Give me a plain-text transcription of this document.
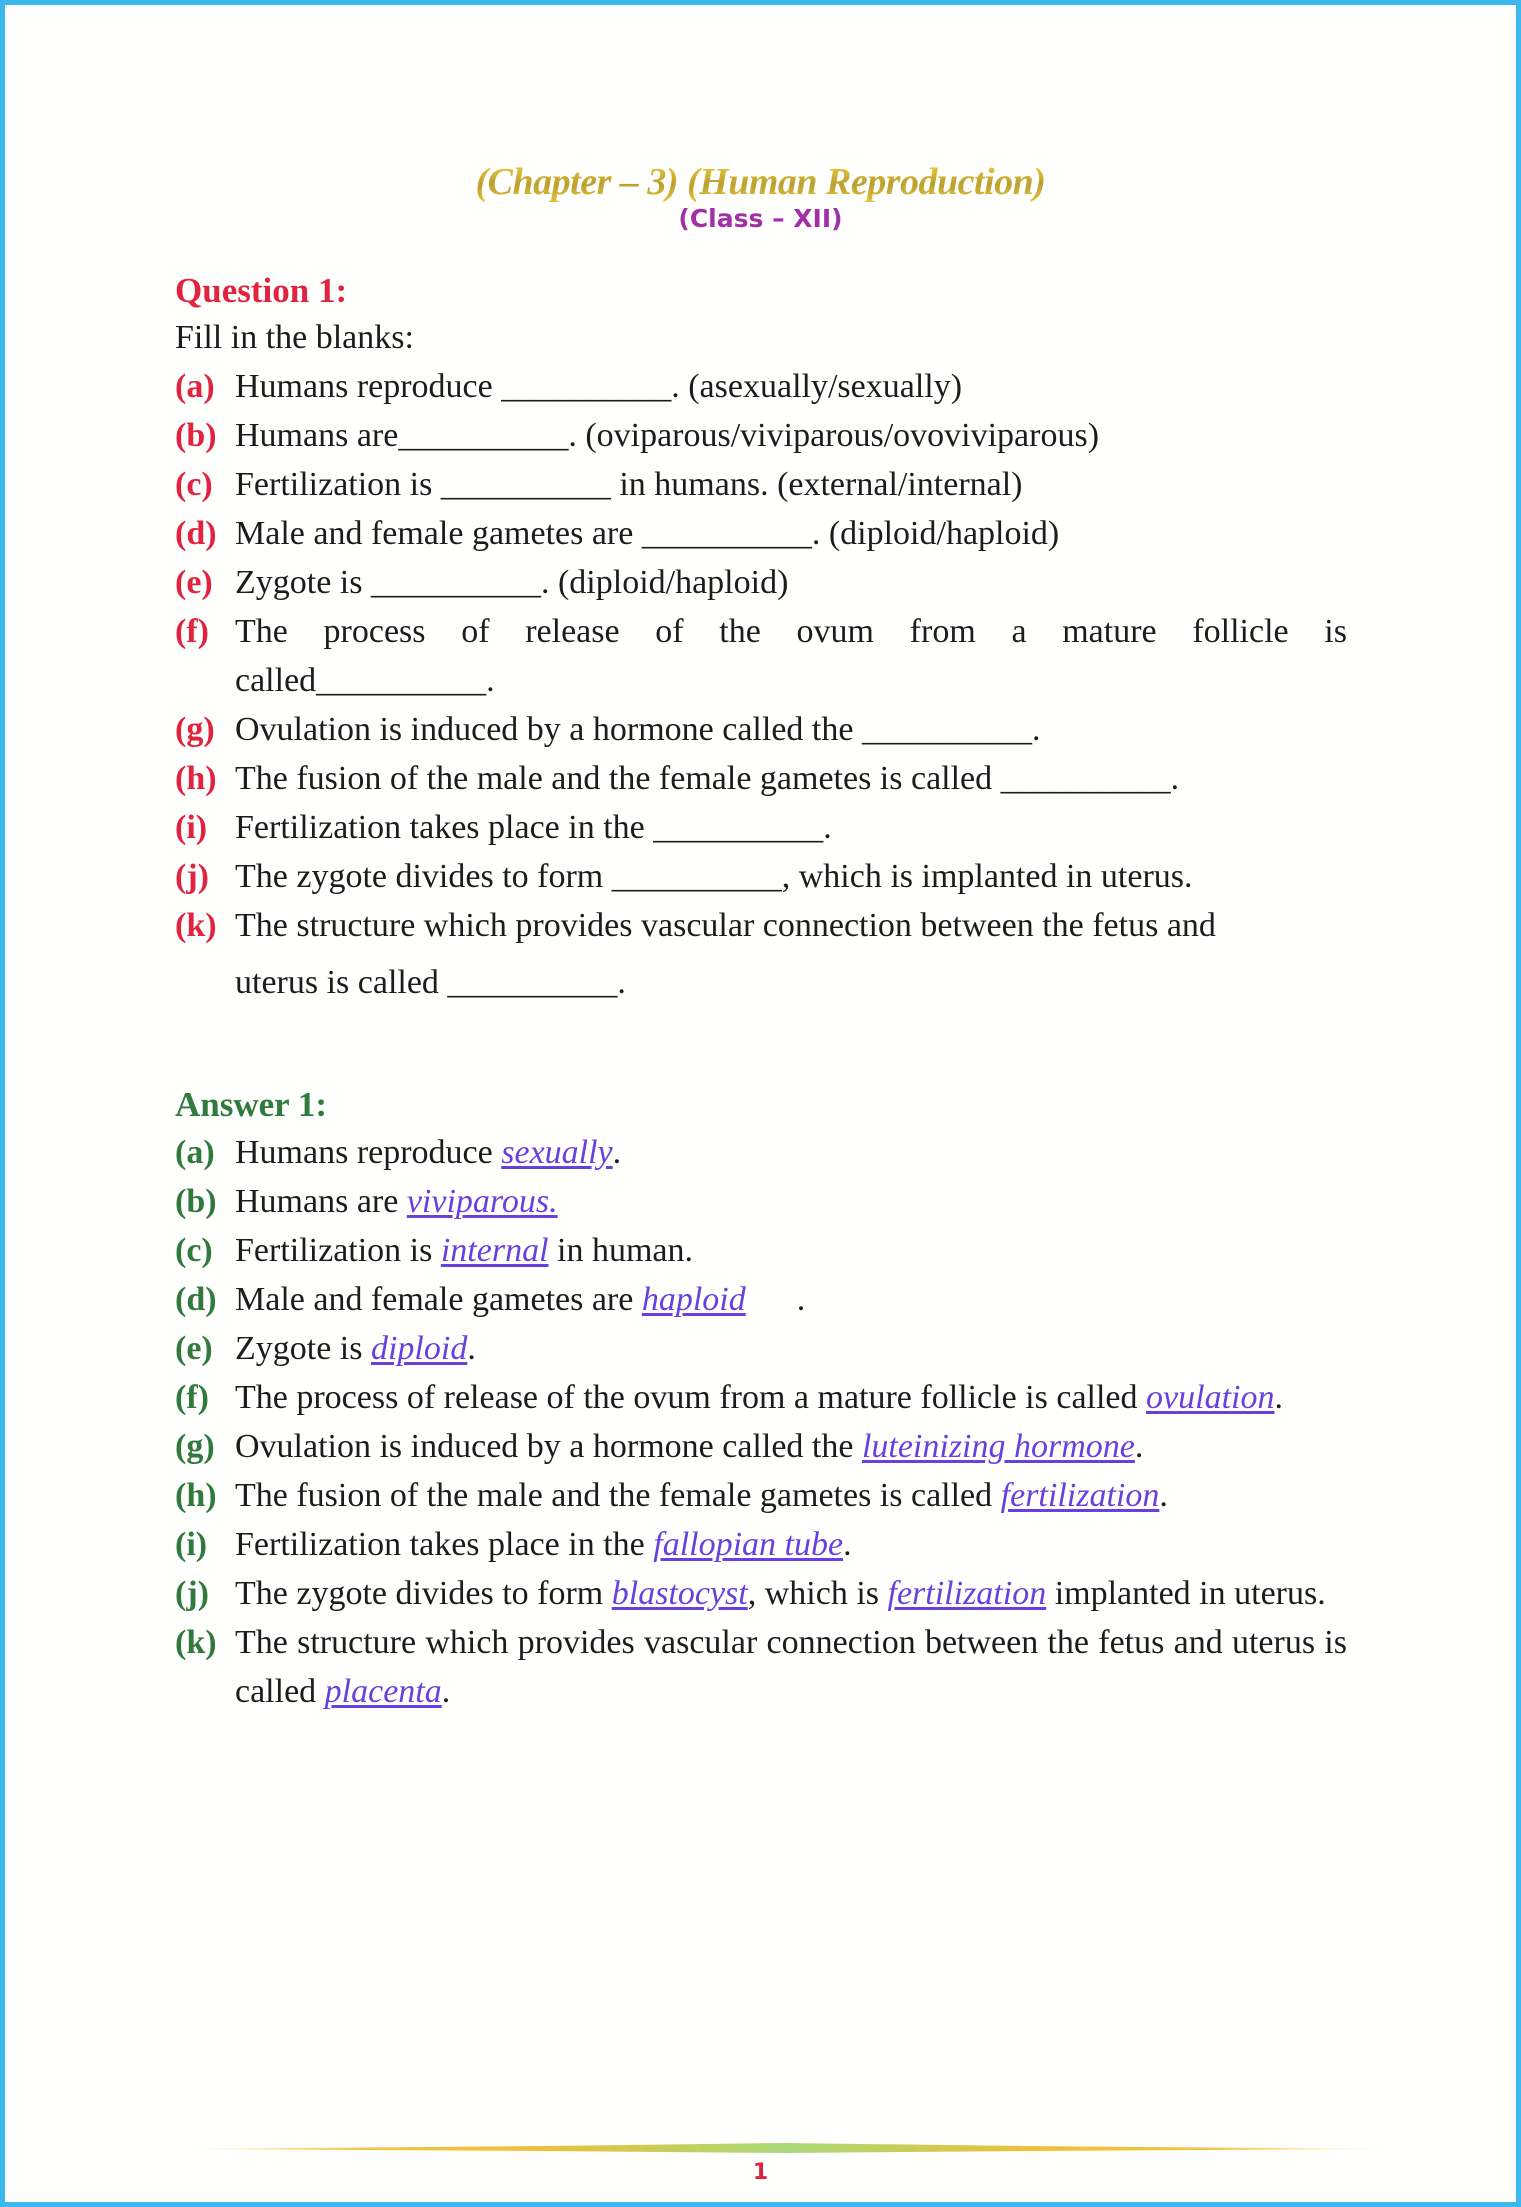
(Chapter – 3) (Human Reproduction)
(Class – XII)
Question 1:
Fill in the blanks:
(a) Humans reproduce __________. (asexually/sexually)
(b) Humans are__________. (oviparous/viviparous/ovoviviparous)
(c) Fertilization is __________ in humans. (external/internal)
(d) Male and female gametes are __________. (diploid/haploid)
(e) Zygote is __________. (diploid/haploid)
(f) The process of release of the ovum from a mature follicle is
called__________.
(g) Ovulation is induced by a hormone called the __________.
(h) The fusion of the male and the female gametes is called __________.
(i) Fertilization takes place in the __________.
(j) The zygote divides to form __________, which is implanted in uterus.
(k) The structure which provides vascular connection between the fetus and
uterus is called __________.
Answer 1:
(a) Humans reproduce sexually.
(b) Humans are viviparous.
(c) Fertilization is internal in human.
(d) Male and female gametes are haploid      .
(e) Zygote is diploid.
(f) The process of release of the ovum from a mature follicle is called ovulation.
(g) Ovulation is induced by a hormone called the luteinizing hormone.
(h) The fusion of the male and the female gametes is called fertilization.
(i) Fertilization takes place in the fallopian tube.
(j) The zygote divides to form blastocyst, which is fertilization implanted in uterus.
(k) The structure which provides vascular connection between the fetus and uterus is called placenta.
1
